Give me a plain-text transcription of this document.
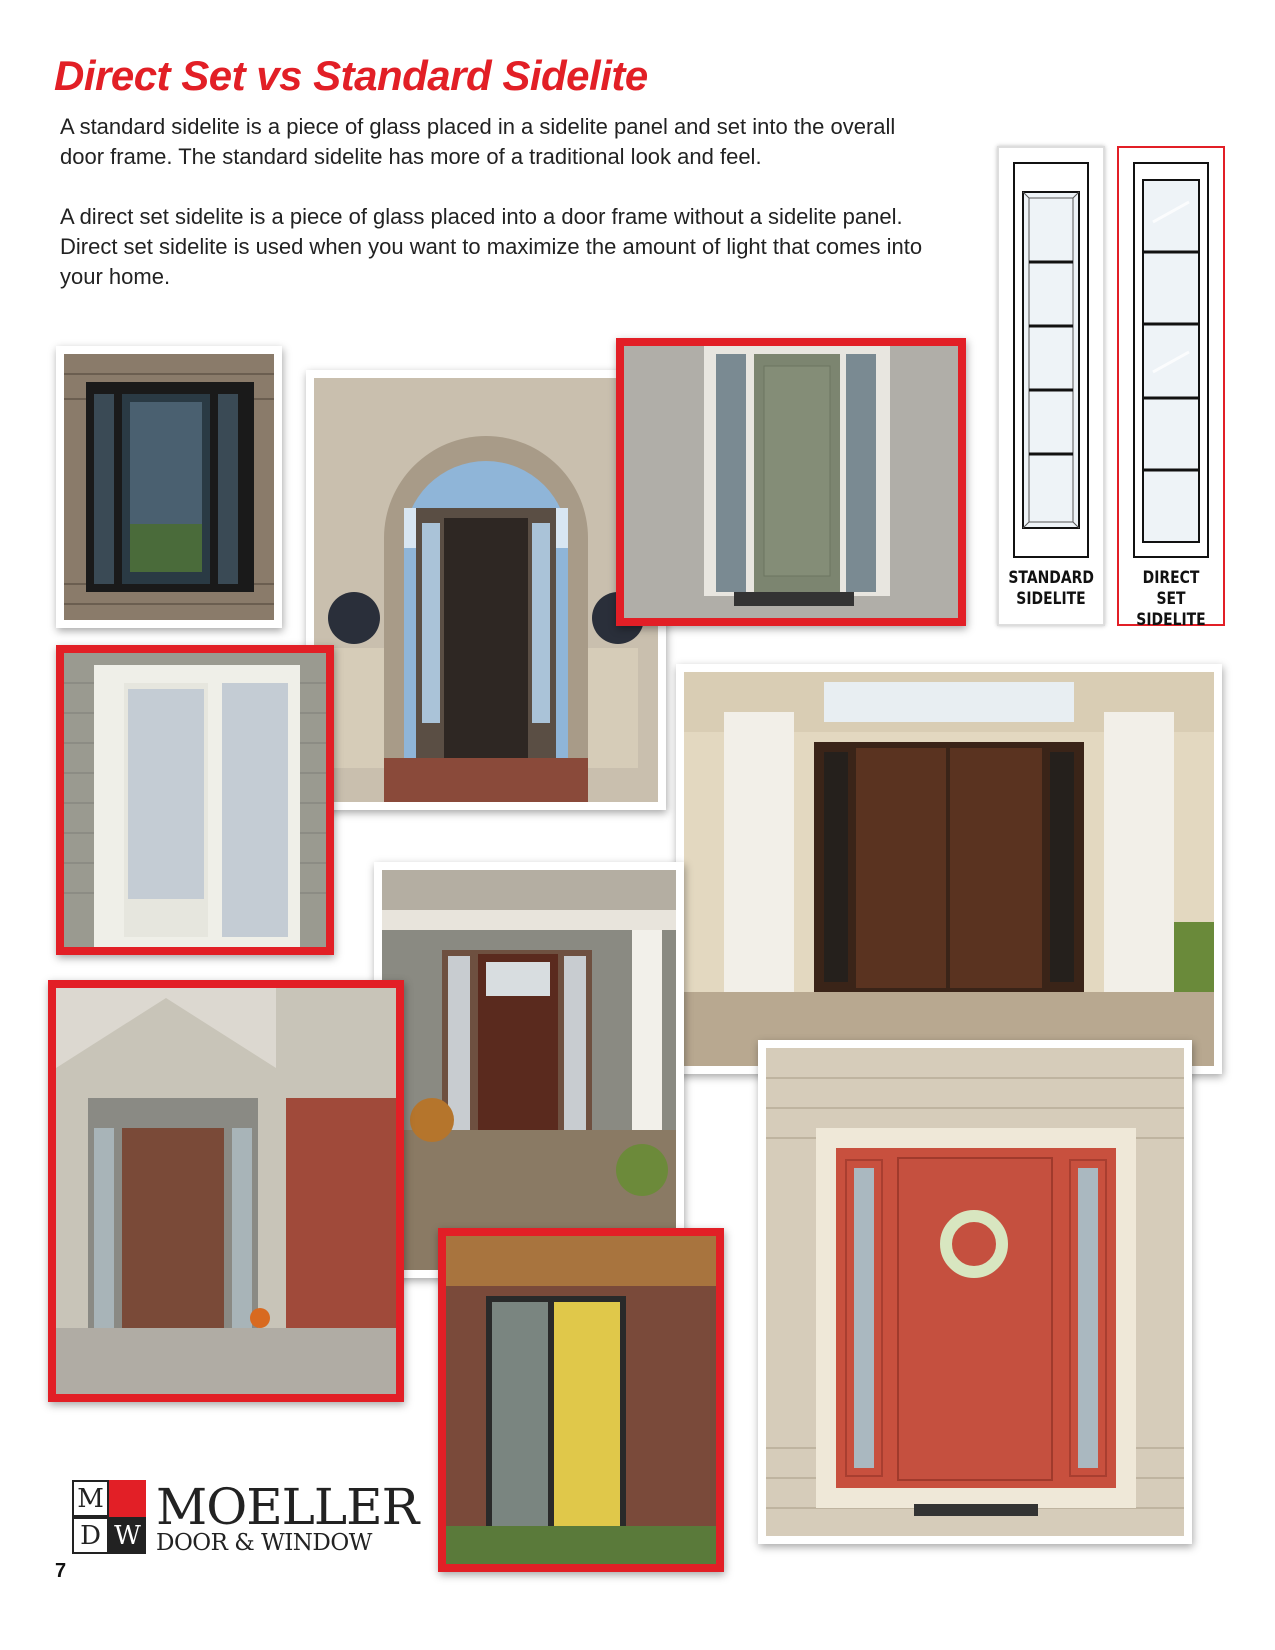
Direct Set vs Standard Sidelite
A standard sidelite is a piece of glass placed in a sidelite panel and set into the overall door frame. The standard sidelite has more of a traditional look and feel.
A direct set sidelite is a piece of glass placed into a door frame without a sidelite panel. Direct set sidelite is used when you want to maximize the amount of light that comes into your home.
STANDARD SIDELITE
DIRECT SET SIDELITE
M
D W MOELLER
DOOR & WINDOW
7
